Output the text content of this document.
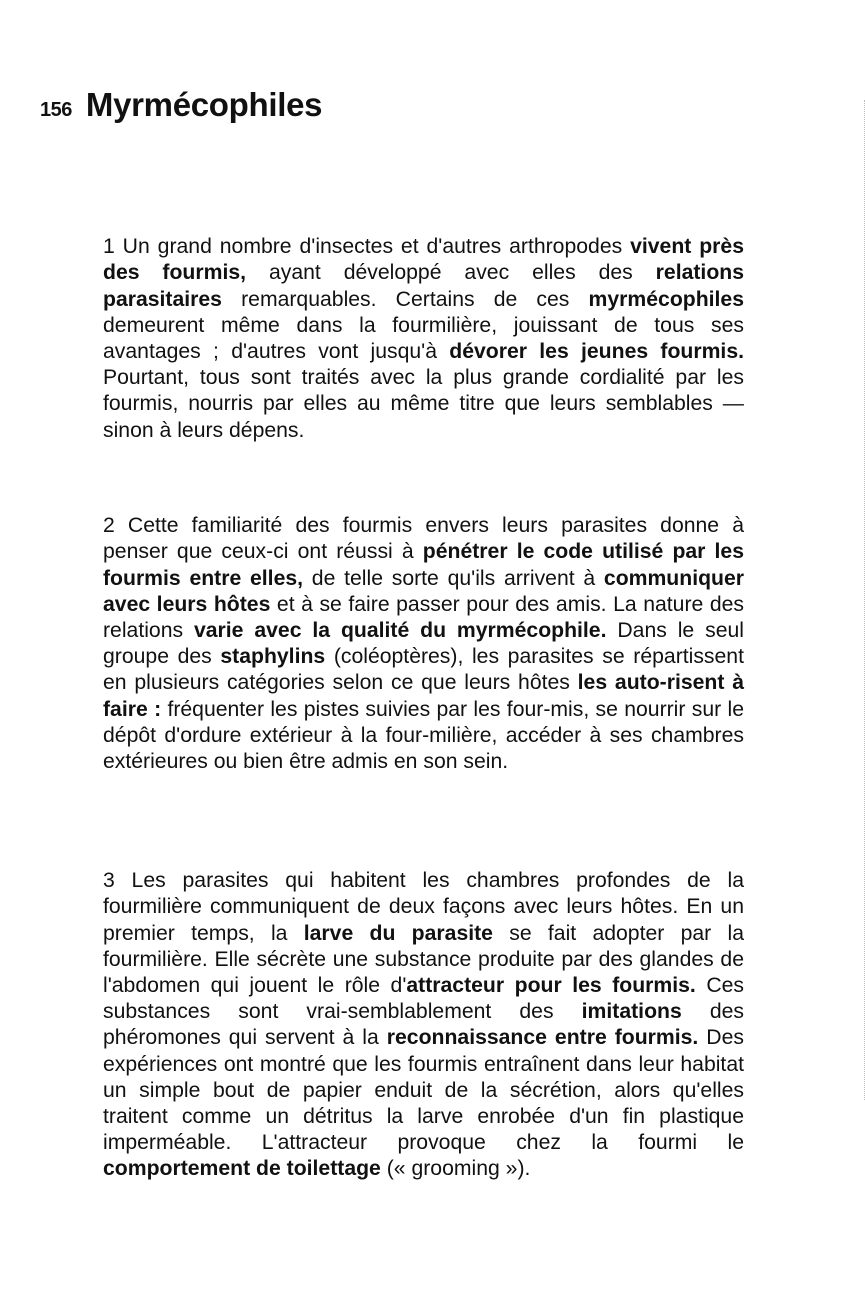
156 Myrmécophiles

1 Un grand nombre d'insectes et d'autres arthropodes vivent près des fourmis, ayant développé avec elles des relations parasitaires remarquables. Certains de ces myrmécophiles demeurent même dans la fourmilière, jouissant de tous ses avantages ; d'autres vont jusqu'à dévorer les jeunes fourmis. Pourtant, tous sont traités avec la plus grande cordialité par les fourmis, nourris par elles au même titre que leurs semblables — sinon à leurs dépens.

2 Cette familiarité des fourmis envers leurs parasites donne à penser que ceux-ci ont réussi à pénétrer le code utilisé par les fourmis entre elles, de telle sorte qu'ils arrivent à communiquer avec leurs hôtes et à se faire passer pour des amis. La nature des relations varie avec la qualité du myrmécophile. Dans le seul groupe des staphylins (coléoptères), les parasites se répartissent en plusieurs catégories selon ce que leurs hôtes les auto-risent à faire : fréquenter les pistes suivies par les four-mis, se nourrir sur le dépôt d'ordure extérieur à la four-milière, accéder à ses chambres extérieures ou bien être admis en son sein.

3 Les parasites qui habitent les chambres profondes de la fourmilière communiquent de deux façons avec leurs hôtes. En un premier temps, la larve du parasite se fait adopter par la fourmilière. Elle sécrète une substance produite par des glandes de l'abdomen qui jouent le rôle d'attracteur pour les fourmis. Ces substances sont vrai-semblablement des imitations des phéromones qui servent à la reconnaissance entre fourmis. Des expériences ont montré que les fourmis entraînent dans leur habitat un simple bout de papier enduit de la sécrétion, alors qu'elles traitent comme un détritus la larve enrobée d'un fin plastique imperméable. L'attracteur provoque chez la fourmi le comportement de toilettage (« grooming »).
